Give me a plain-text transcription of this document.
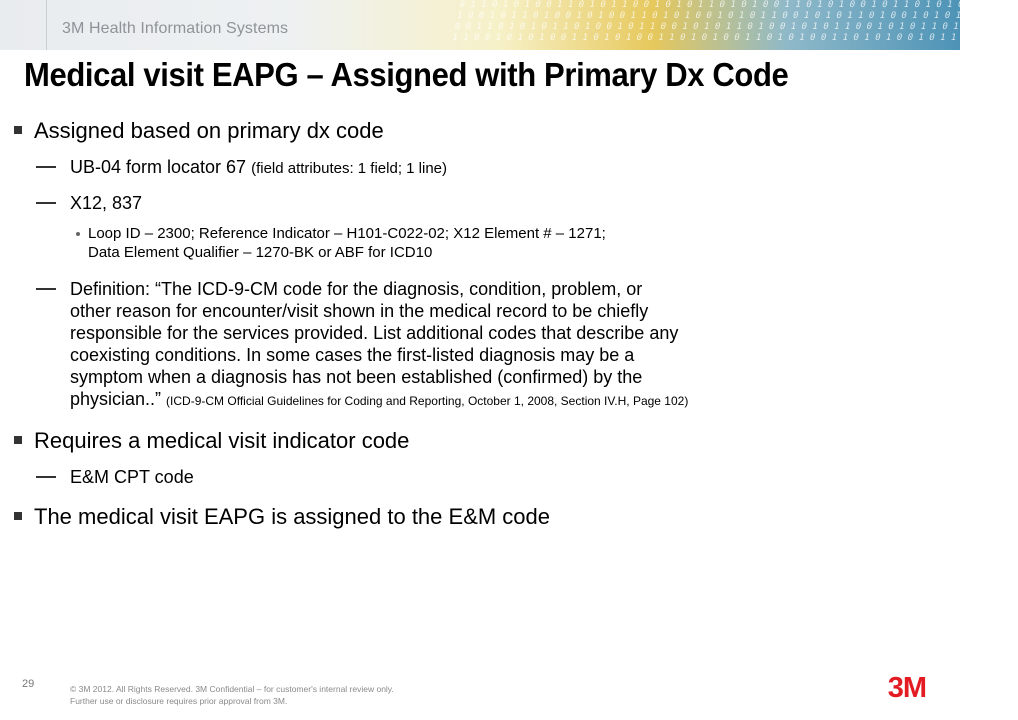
0 1 1 0 1 0 1 0 0 1 1 0 1 0 1 1 0 0 1 0 1 0 1 1 0 1 0 1 0 0 1 1 0 1 0 1 0 0 1 0 1 1 0 1 0 1 0 0 1 0 1 1
1 0 0 1 0 1 1 0 1 0 0 1 0 1 0 0 1 1 0 1 0 1 0 0 1 0 1 0 1 1 0 0 1 0 1 0 1 1 0 1 0 0 1 0 1 0 1 1 0 1 0 0
0 0 1 1 0 1 0 1 0 1 1 0 1 0 0 1 0 1 1 0 0 1 0 1 0 1 1 0 1 0 0 1 0 1 0 1 1 0 0 1 0 1 0 1 1 0 1 0 0 1 0 1
1 1 0 0 1 0 1 0 1 0 0 1 1 0 1 0 1 0 0 1 1 0 1 0 1 0 0 1 1 0 1 0 1 0 0 1 1 0 1 0 1 0 0 1 0 1 1 0 1 0 1 0
3M Health Information Systems
Medical visit EAPG – Assigned with Primary Dx Code
Assigned based on primary dx code
UB-04 form locator 67 (field attributes: 1 field; 1 line)
X12, 837
Loop ID – 2300; Reference Indicator – H101-C022-02; X12 Element # – 1271;
Data Element Qualifier – 1270-BK or ABF for ICD10
Definition: “The ICD-9-CM code for the diagnosis, condition, problem, or
other reason for encounter/visit shown in the medical record to be chiefly
responsible for the services provided. List additional codes that describe any
coexisting conditions. In some cases the first-listed diagnosis may be a
symptom when a diagnosis has not been established (confirmed) by the
physician..” (ICD-9-CM Official Guidelines for Coding and Reporting, October 1, 2008, Section IV.H, Page 102)
Requires a medical visit indicator code
E&M CPT code
The medical visit EAPG is assigned to the E&M code
29	© 3M 2012. All Rights Reserved. 3M Confidential – for customer's internal review only.
Further use or disclosure requires prior approval from 3M.	3M
